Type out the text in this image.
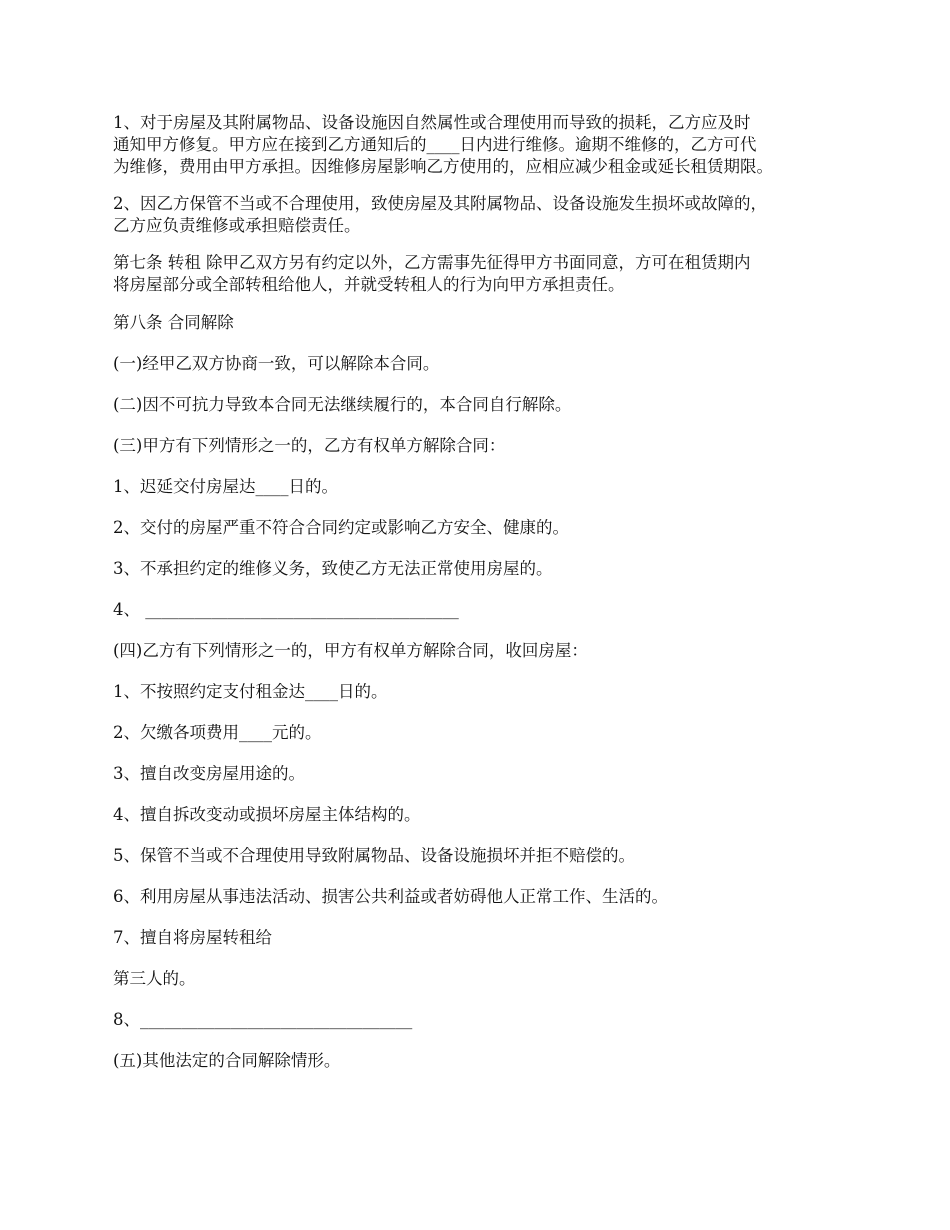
1、对于房屋及其附属物品、设备设施因自然属性或合理使用而导致的损耗，乙方应及时
通知甲方修复。甲方应在接到乙方通知后的____日内进行维修。逾期不维修的，乙方可代
为维修，费用由甲方承担。因维修房屋影响乙方使用的，应相应减少租金或延长租赁期限。
2、因乙方保管不当或不合理使用，致使房屋及其附属物品、设备设施发生损坏或故障的，
乙方应负责维修或承担赔偿责任。
第七条 转租 除甲乙双方另有约定以外，乙方需事先征得甲方书面同意，方可在租赁期内
将房屋部分或全部转租给他人，并就受转租人的行为向甲方承担责任。

第八条 合同解除

(一)经甲乙双方协商一致，可以解除本合同。

(二)因不可抗力导致本合同无法继续履行的，本合同自行解除。

(三)甲方有下列情形之一的，乙方有权单方解除合同：

1、迟延交付房屋达____日的。

2、交付的房屋严重不符合合同约定或影响乙方安全、健康的。

3、不承担约定的维修义务，致使乙方无法正常使用房屋的。

4、 ______________________________________

(四)乙方有下列情形之一的，甲方有权单方解除合同，收回房屋：

1、不按照约定支付租金达____日的。

2、欠缴各项费用____元的。

3、擅自改变房屋用途的。

4、擅自拆改变动或损坏房屋主体结构的。

5、保管不当或不合理使用导致附属物品、设备设施损坏并拒不赔偿的。

6、利用房屋从事违法活动、损害公共利益或者妨碍他人正常工作、生活的。

7、擅自将房屋转租给

第三人的。

8、_________________________________

(五)其他法定的合同解除情形。
